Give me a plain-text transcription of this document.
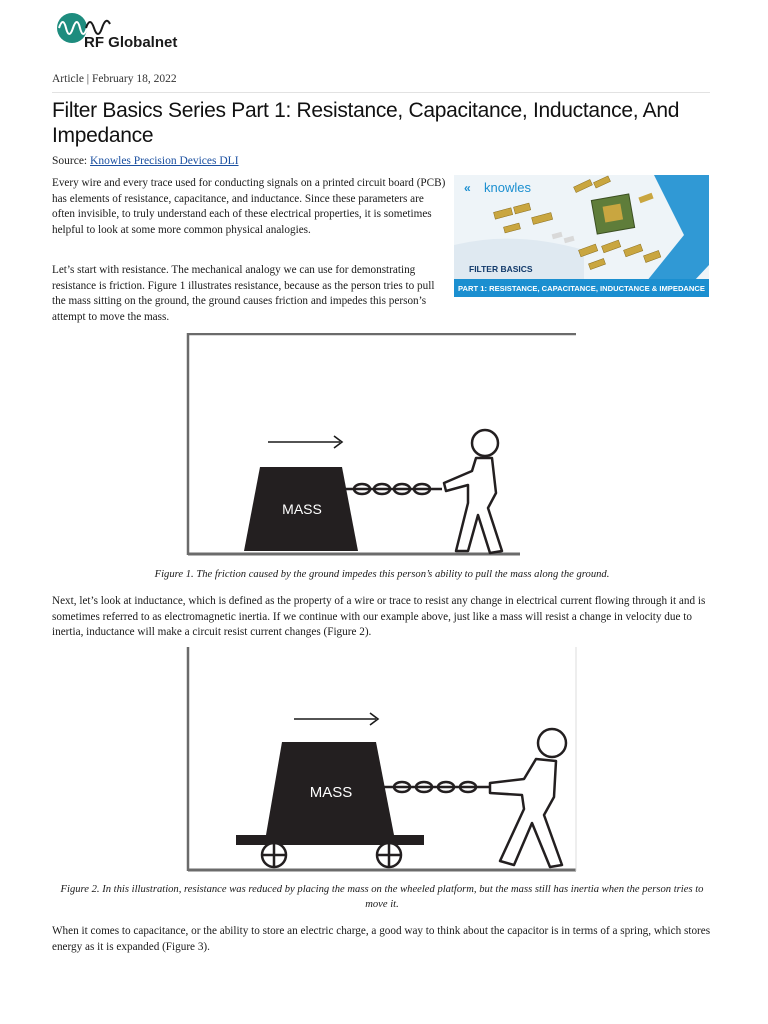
RF Globalnet
Article | February 18, 2022
Filter Basics Series Part 1: Resistance, Capacitance, Inductance, And Impedance
Source: Knowles Precision Devices DLI

Every wire and every trace used for conducting signals on a printed circuit board (PCB) has elements of resistance, capacitance, and inductance. Since these parameters are often invisible, to truly understand each of these electrical properties, it is sometimes helpful to look at some more common physical analogies.

Let’s start with resistance. The mechanical analogy we can use for demonstrating resistance is friction. Figure 1 illustrates resistance, because as the person tries to pull the mass sitting on the ground, the ground causes friction and impedes this person’s attempt to move the mass.

« knowles
FILTER BASICS
PART 1: RESISTANCE, CAPACITANCE, INDUCTANCE & IMPEDANCE
MASS

Figure 1. The friction caused by the ground impedes this person’s ability to pull the mass along the ground.

Next, let’s look at inductance, which is defined as the property of a wire or trace to resist any change in electrical current flowing through it and is sometimes referred to as electromagnetic inertia. If we continue with our example above, just like a mass will resist a change in velocity due to inertia, inductance will make a circuit resist current changes (Figure 2).

MASS

Figure 2. In this illustration, resistance was reduced by placing the mass on the wheeled platform, but the mass still has inertia when the person tries to move it.

When it comes to capacitance, or the ability to store an electric charge, a good way to think about the capacitor is in terms of a spring, which stores energy as it is expanded (Figure 3).
